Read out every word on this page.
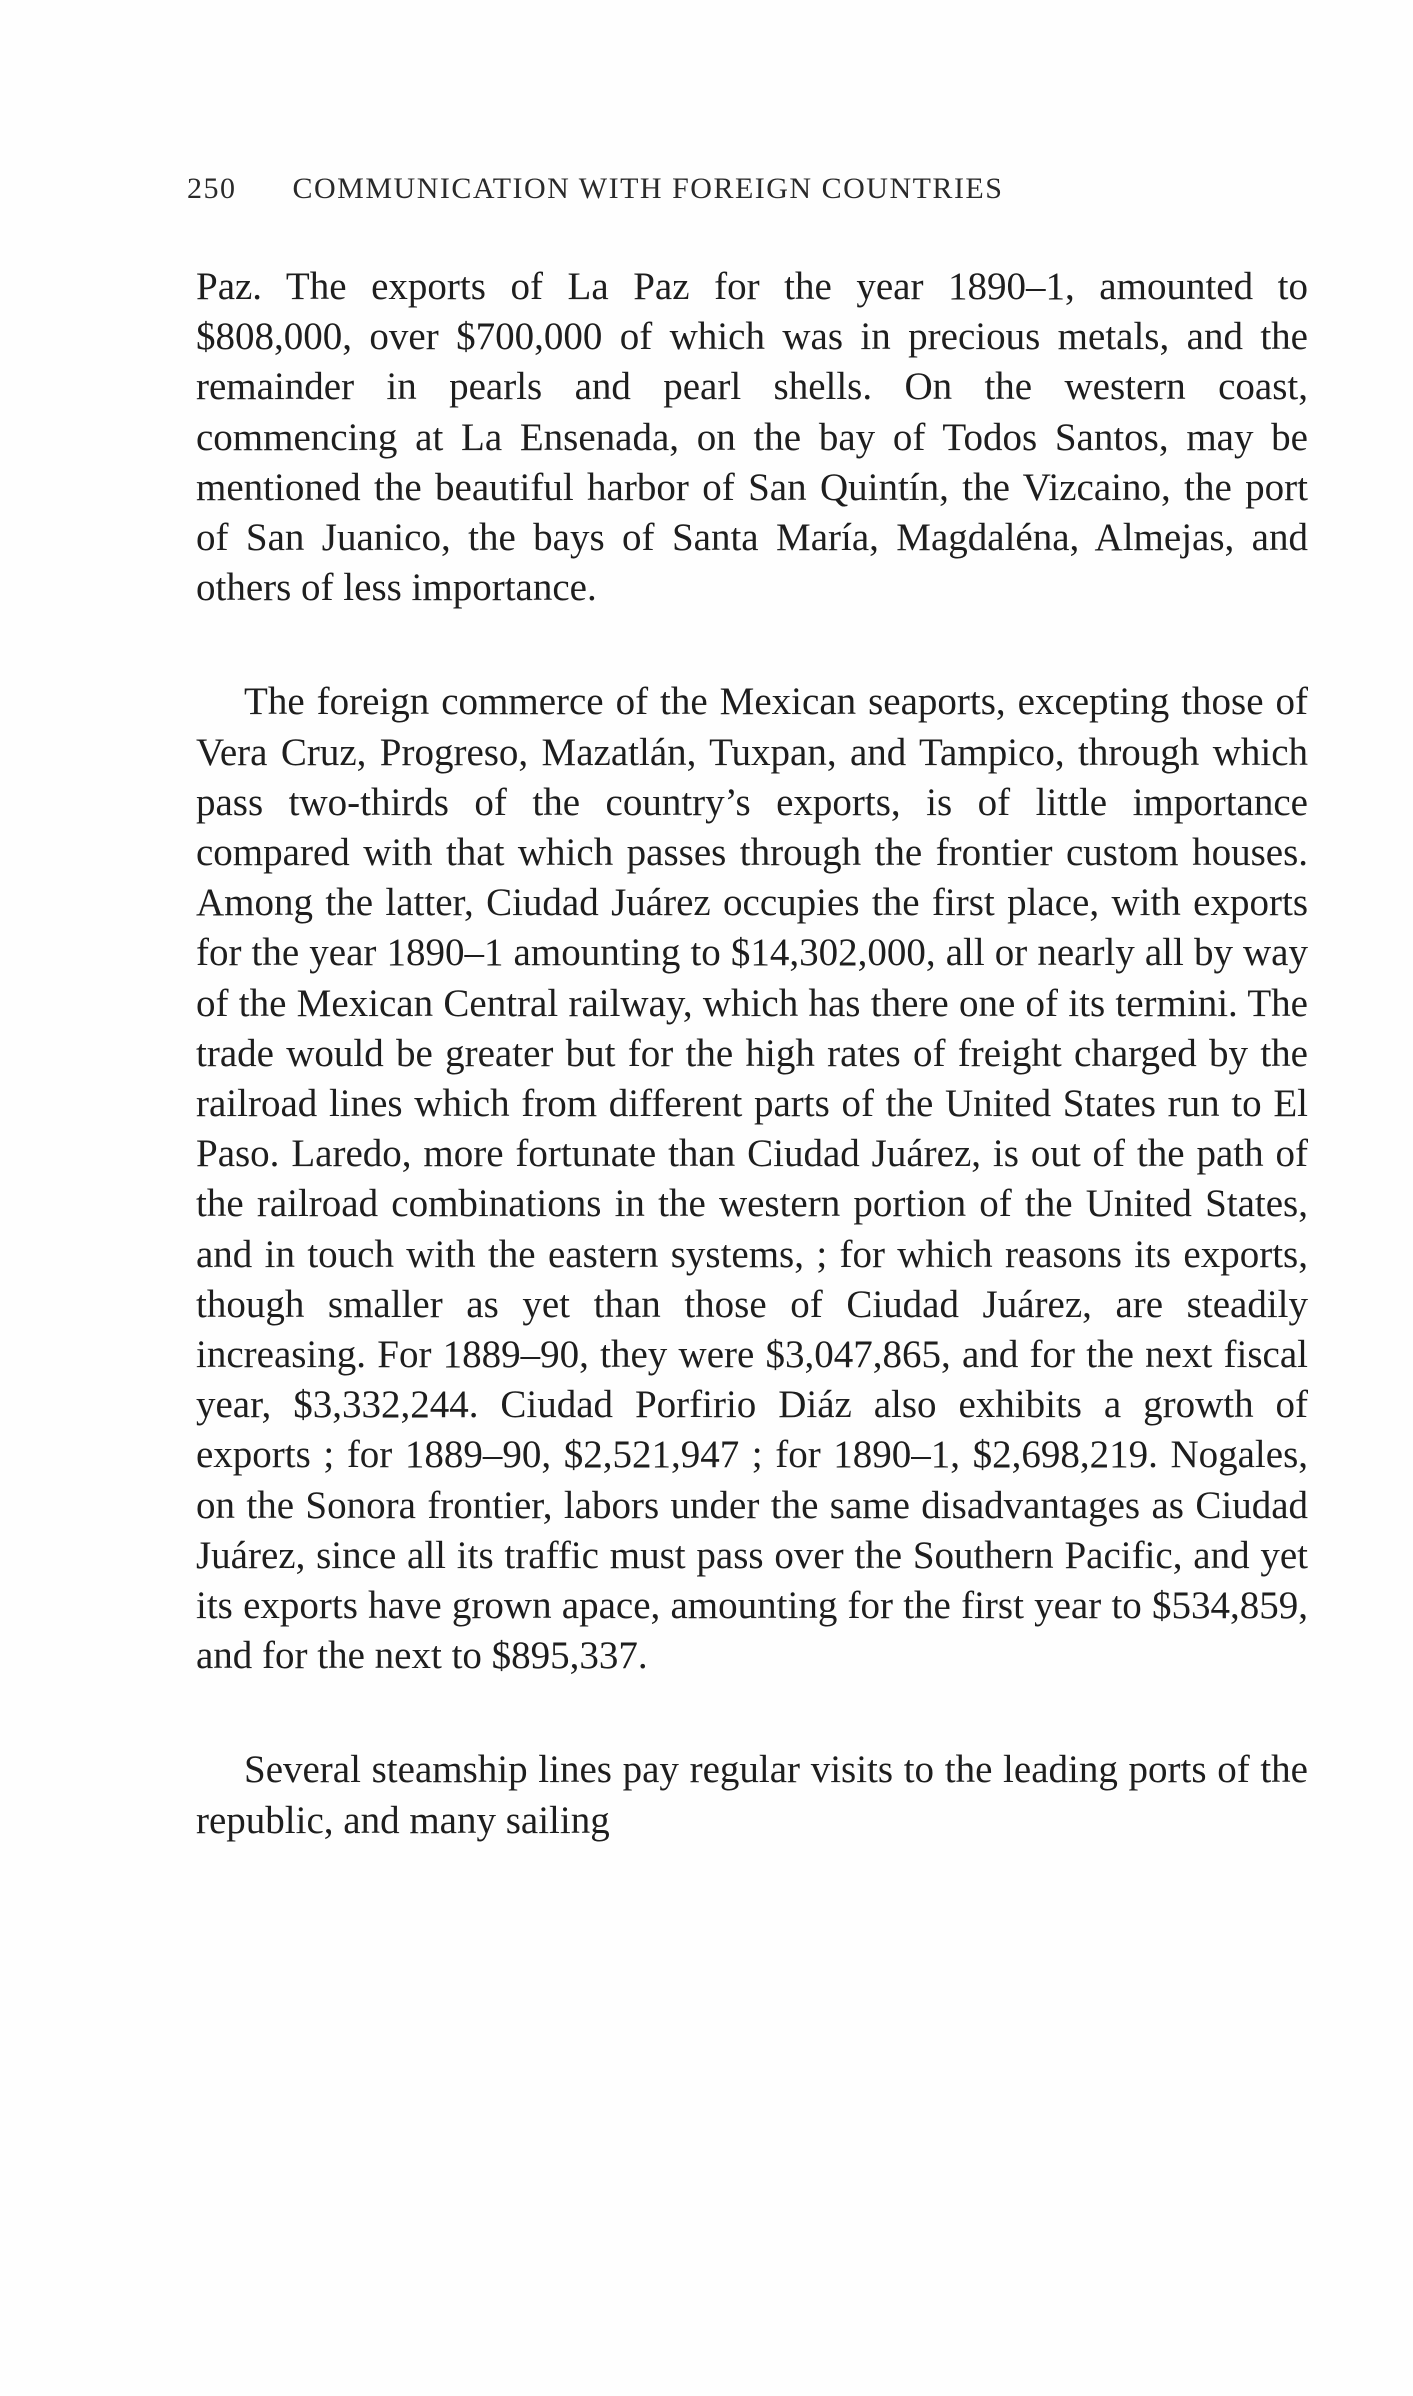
250 COMMUNICATION WITH FOREIGN COUNTRIES

Paz. The exports of La Paz for the year 1890–1, amounted to $808,000, over $700,000 of which was in precious metals, and the remainder in pearls and pearl shells. On the western coast, commencing at La Ensenada, on the bay of Todos Santos, may be mentioned the beautiful harbor of San Quintín, the Vizcaino, the port of San Juanico, the bays of Santa María, Magdaléna, Almejas, and others of less importance.

The foreign commerce of the Mexican seaports, excepting those of Vera Cruz, Progreso, Mazatlán, Tuxpan, and Tampico, through which pass two-thirds of the country’s exports, is of little importance compared with that which passes through the frontier custom houses. Among the latter, Ciudad Juárez occupies the first place, with exports for the year 1890–1 amounting to $14,302,000, all or nearly all by way of the Mexican Central railway, which has there one of its termini. The trade would be greater but for the high rates of freight charged by the railroad lines which from different parts of the United States run to El Paso. Laredo, more fortunate than Ciudad Juárez, is out of the path of the railroad combinations in the western portion of the United States, and in touch with the eastern systems, ; for which reasons its exports, though smaller as yet than those of Ciudad Juárez, are steadily increasing. For 1889–90, they were $3,047,865, and for the next fiscal year, $3,332,244. Ciudad Porfirio Diáz also exhibits a growth of exports ; for 1889–90, $2,521,947 ; for 1890–1, $2,698,219. Nogales, on the Sonora frontier, labors under the same disadvantages as Ciudad Juárez, since all its traffic must pass over the Southern Pacific, and yet its exports have grown apace, amounting for the first year to $534,859, and for the next to $895,337.

Several steamship lines pay regular visits to the leading ports of the republic, and many sailing
